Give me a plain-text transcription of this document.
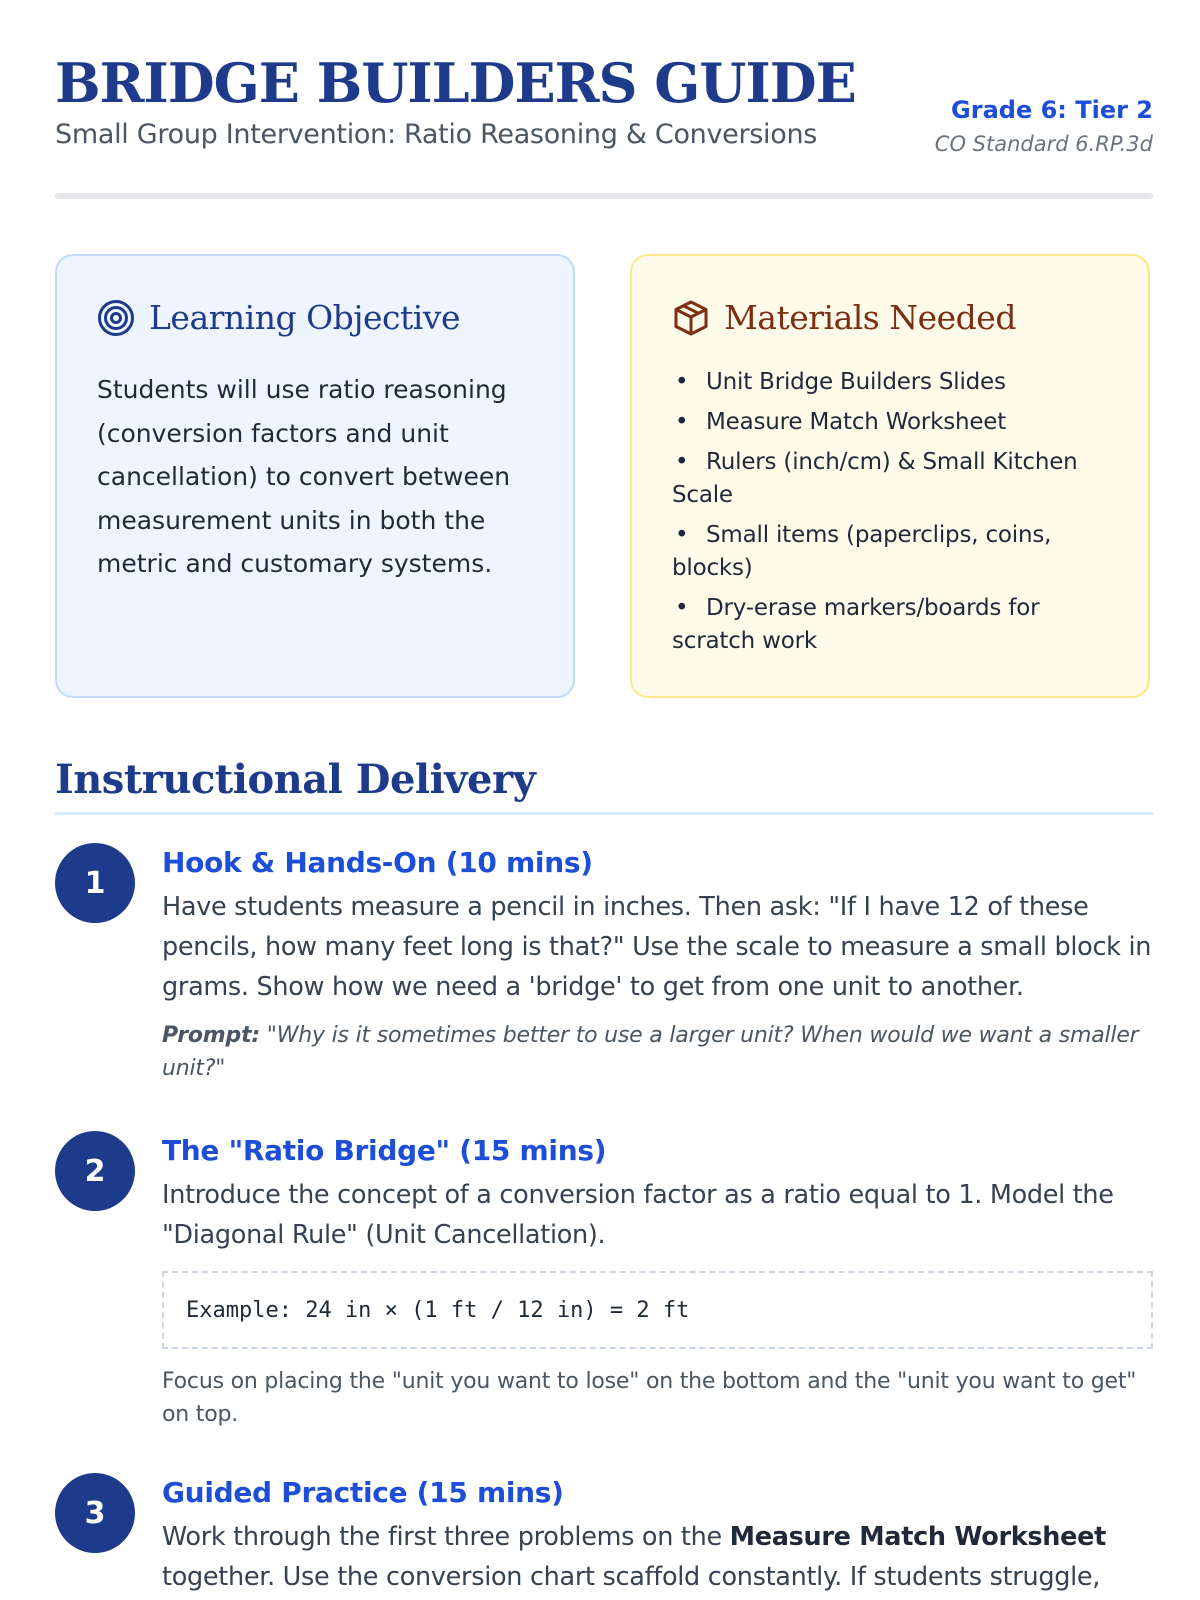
BRIDGE BUILDERS GUIDE
Small Group Intervention: Ratio Reasoning & Conversions
Grade 6: Tier 2
CO Standard 6.RP.3d
Learning Objective

Students will use ratio reasoning (conversion factors and unit cancellation) to convert between measurement units in both the metric and customary systems.

Materials Needed
• Unit Bridge Builders Slides
• Measure Match Worksheet
• Rulers (inch/cm) & Small Kitchen Scale
• Small items (paperclips, coins, blocks)
• Dry-erase markers/boards for scratch work
Instructional Delivery
1
Hook & Hands-On (10 mins)

Have students measure a pencil in inches. Then ask: "If I have 12 of these pencils, how many feet long is that?" Use the scale to measure a small block in grams. Show how we need a 'bridge' to get from one unit to another.

Prompt: "Why is it sometimes better to use a larger unit? When would we want a smaller unit?"
2
The "Ratio Bridge" (15 mins)

Introduce the concept of a conversion factor as a ratio equal to 1. Model the "Diagonal Rule" (Unit Cancellation).

Example: 24 in × (1 ft / 12 in) = 2 ft
Focus on placing the "unit you want to lose" on the bottom and the "unit you want to get" on top.
3
Guided Practice (15 mins)

Work through the first three problems on the Measure Match Worksheet together. Use the conversion chart scaffold constantly. If students struggle,
